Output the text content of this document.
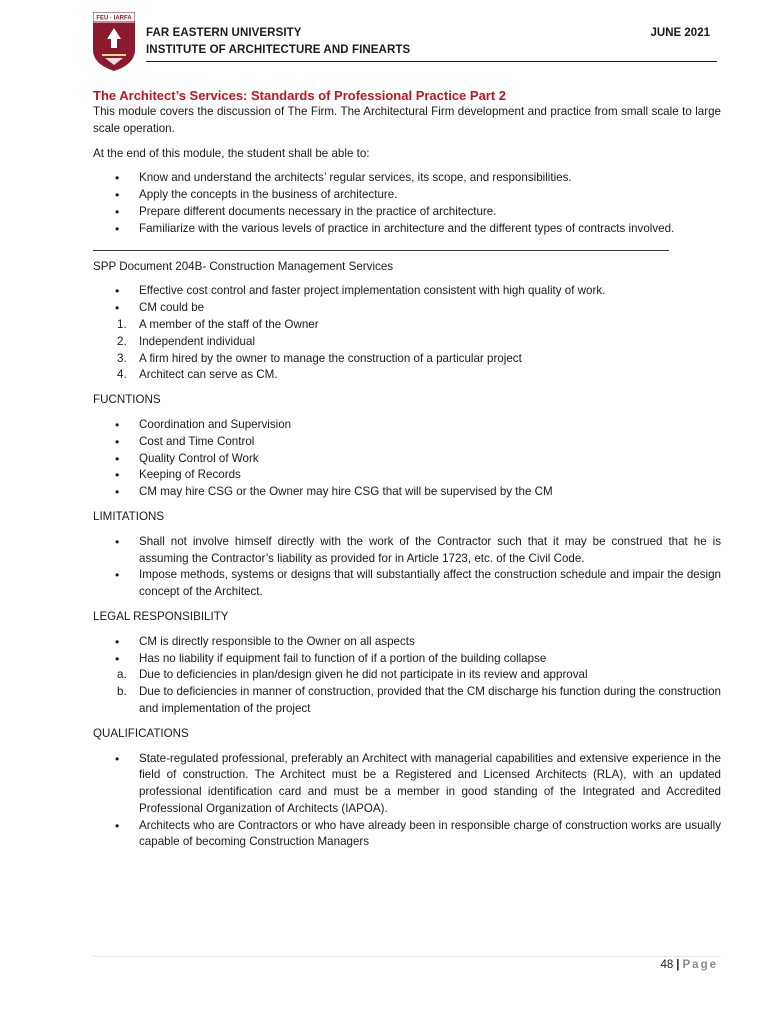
FEU · IARFA
FAR EASTERN UNIVERSITY
INSTITUTE OF ARCHITECTURE AND FINEARTS
JUNE 2021
The Architect’s Services: Standards of Professional Practice Part 2

This module covers the discussion of The Firm. The Architectural Firm development and practice from small scale to large scale operation.

At the end of this module, the student shall be able to:

• Know and understand the architects’ regular services, its scope, and responsibilities.
• Apply the concepts in the business of architecture.
• Prepare different documents necessary in the practice of architecture.
• Familiarize with the various levels of practice in architecture and the different types of contracts involved.

SPP Document 204B- Construction Management Services

• Effective cost control and faster project implementation consistent with high quality of work.
• CM could be
1. A member of the staff of the Owner
2. Independent individual
3. A firm hired by the owner to manage the construction of a particular project
4. Architect can serve as CM.

FUCNTIONS

• Coordination and Supervision
• Cost and Time Control
• Quality Control of Work
• Keeping of Records
• CM may hire CSG or the Owner may hire CSG that will be supervised by the CM

LIMITATIONS

• Shall not involve himself directly with the work of the Contractor such that it may be construed that he is assuming the Contractor’s liability as provided for in Article 1723, etc. of the Civil Code.
• Impose methods, systems or designs that will substantially affect the construction schedule and impair the design concept of the Architect.

LEGAL RESPONSIBILITY

• CM is directly responsible to the Owner on all aspects
• Has no liability if equipment fail to function of if a portion of the building collapse
a. Due to deficiencies in plan/design given he did not participate in its review and approval
b. Due to deficiencies in manner of construction, provided that the CM discharge his function during the construction and implementation of the project

QUALIFICATIONS

• State-regulated professional, preferably an Architect with managerial capabilities and extensive experience in the field of construction. The Architect must be a Registered and Licensed Architects (RLA), with an updated professional identification card and must be a member in good standing of the Integrated and Accredited Professional Organization of Architects (IAPOA).
• Architects who are Contractors or who have already been in responsible charge of construction works are usually capable of becoming Construction Managers
48 | Page
